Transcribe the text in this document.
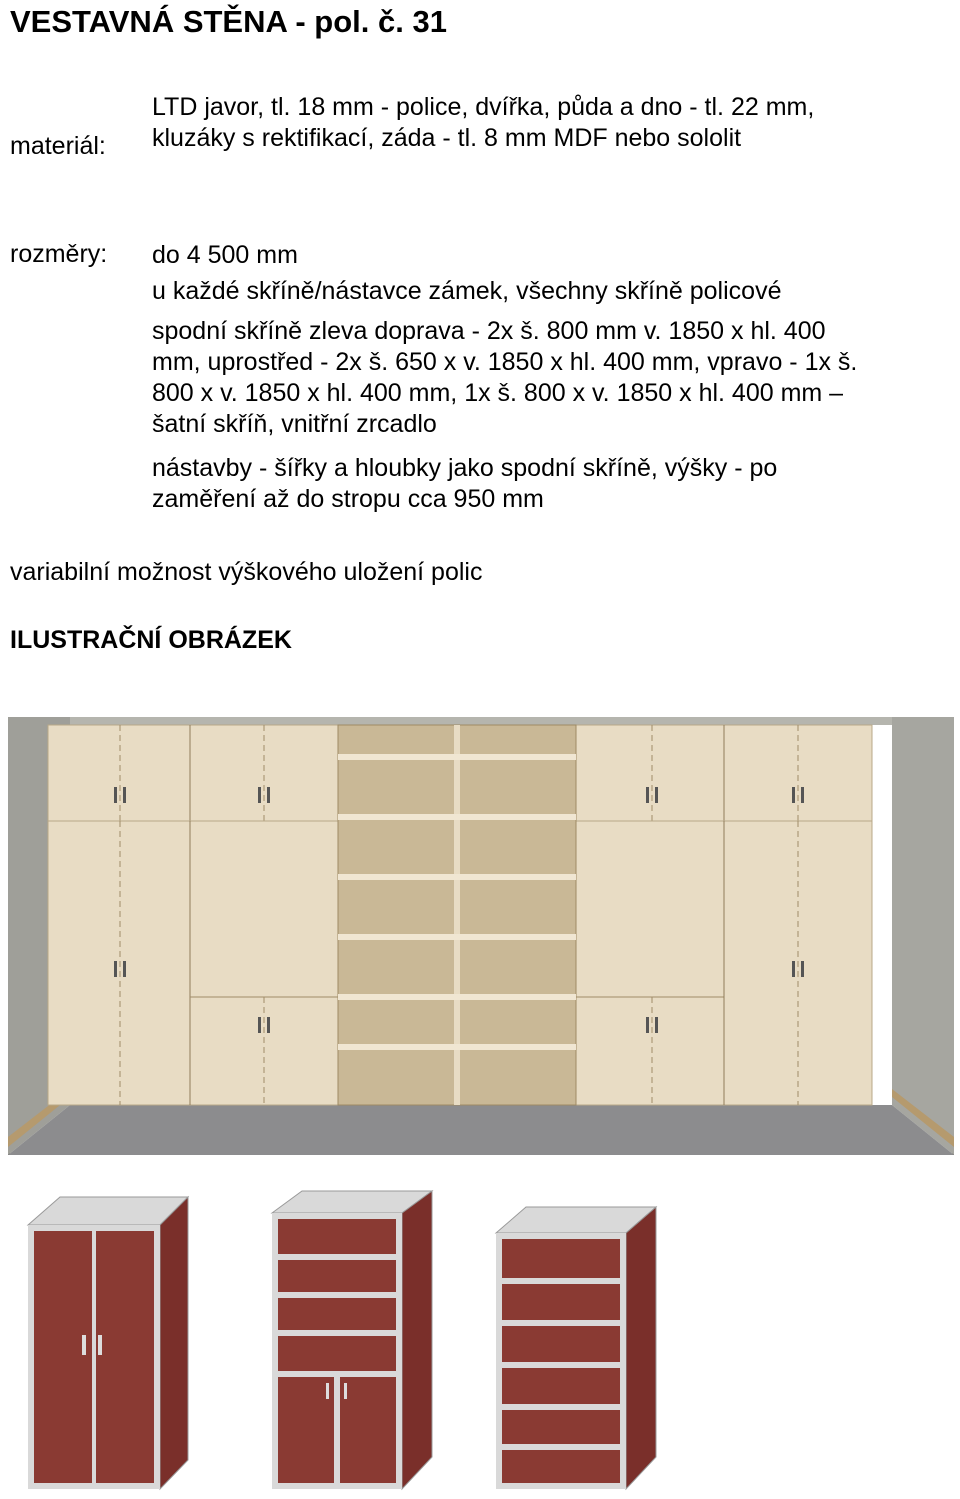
VESTAVNÁ STĚNA - pol. č. 31
materiál:
LTD javor, tl. 18 mm - police, dvířka, půda a dno - tl. 22 mm,
kluzáky s rektifikací, záda - tl. 8 mm MDF nebo sololit
rozměry: do 4 500 mm
u každé skříně/nástavce zámek, všechny skříně policové
spodní skříně zleva doprava - 2x š. 800 mm v. 1850 x hl. 400
mm, uprostřed - 2x š. 650 x v. 1850 x hl. 400 mm, vpravo - 1x š.
800 x v. 1850 x hl. 400 mm, 1x š. 800 x v. 1850 x hl. 400 mm –
šatní skříň, vnitřní zrcadlo
nástavby - šířky a hloubky jako spodní skříně, výšky - po
zaměření až do stropu cca 950 mm
variabilní možnost výškového uložení polic
ILUSTRAČNÍ OBRÁZEK
